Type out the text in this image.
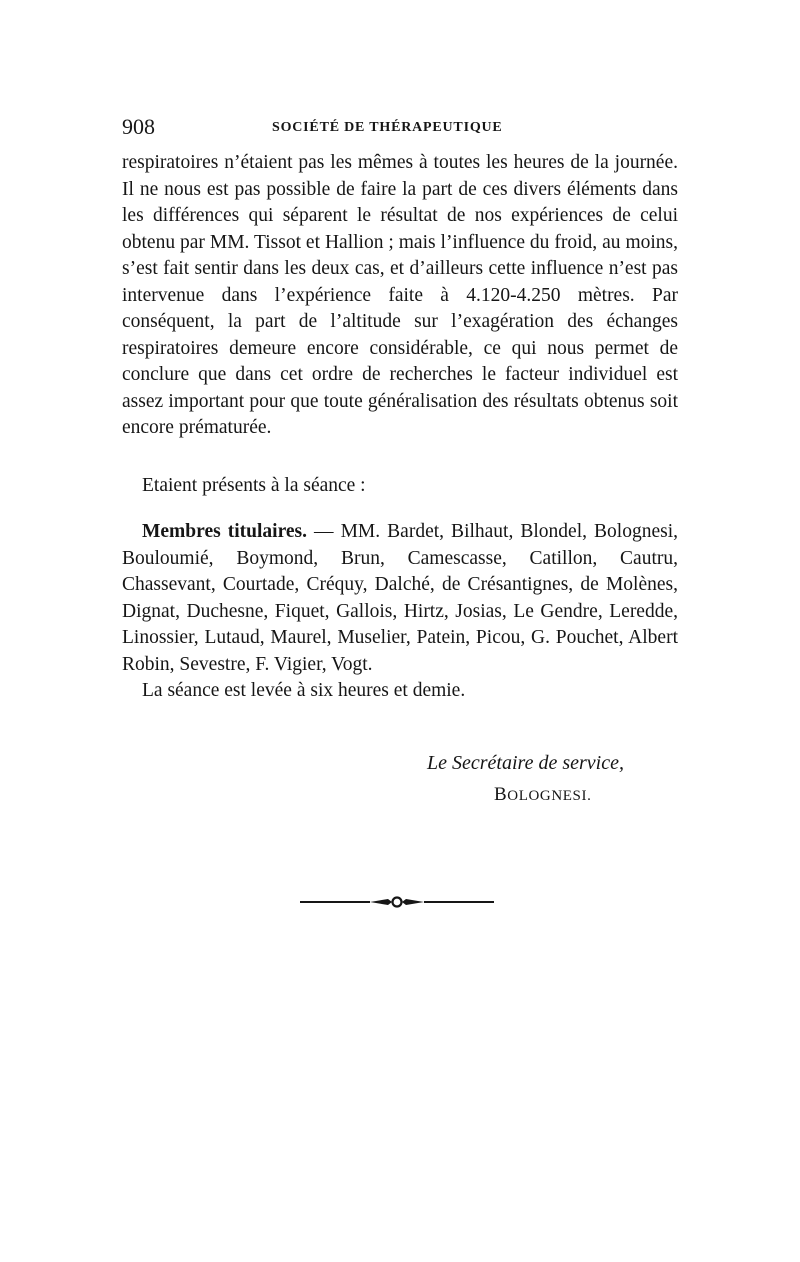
908	SOCIÉTÉ DE THÉRAPEUTIQUE

respiratoires n’étaient pas les mêmes à toutes les heures de la journée. Il ne nous est pas possible de faire la part de ces divers éléments dans les différences qui séparent le résultat de nos expériences de celui obtenu par MM. Tissot et Hallion ; mais l’influence du froid, au moins, s’est fait sentir dans les deux cas, et d’ailleurs cette influence n’est pas intervenue dans l’expérience faite à 4.120-4.250 mètres. Par conséquent, la part de l’altitude sur l’exagération des échanges respiratoires demeure encore considérable, ce qui nous permet de conclure que dans cet ordre de recherches le facteur individuel est assez important pour que toute généralisation des résultats obtenus soit encore prématurée.

Etaient présents à la séance :

Membres titulaires. — MM. Bardet, Bilhaut, Blondel, Bolognesi, Bouloumié, Boymond, Brun, Camescasse, Catillon, Cautru, Chassevant, Courtade, Créquy, Dalché, de Crésantignes, de Molènes, Dignat, Duchesne, Fiquet, Gallois, Hirtz, Josias, Le Gendre, Leredde, Linossier, Lutaud, Maurel, Muselier, Patein, Picou, G. Pouchet, Albert Robin, Sevestre, F. Vigier, Vogt.

La séance est levée à six heures et demie.

Le Secrétaire de service,
BOLOGNESI.
